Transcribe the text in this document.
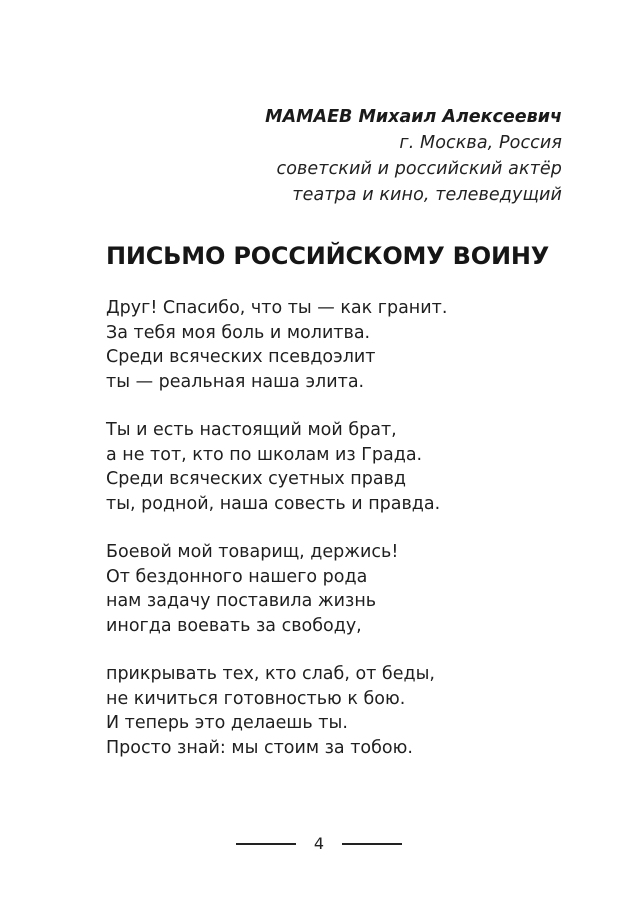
МАМАЕВ Михаил Алексеевич
г. Москва, Россия
советский и российский актёр
театра и кино, телеведущий
ПИСЬМО РОССИЙСКОМУ ВОИНУ
Друг! Спасибо, что ты — как гранит.
За тебя моя боль и молитва.
Среди всяческих псевдоэлит
ты — реальная наша элита.
Ты и есть настоящий мой брат,
а не тот, кто по школам из Града.
Среди всяческих суетных правд
ты, родной, наша совесть и правда.
Боевой мой товарищ, держись!
От бездонного нашего рода
нам задачу поставила жизнь
иногда воевать за свободу,
прикрывать тех, кто слаб, от беды,
не кичиться готовностью к бою.
И теперь это делаешь ты.
Просто знай: мы стоим за тобою.
4
